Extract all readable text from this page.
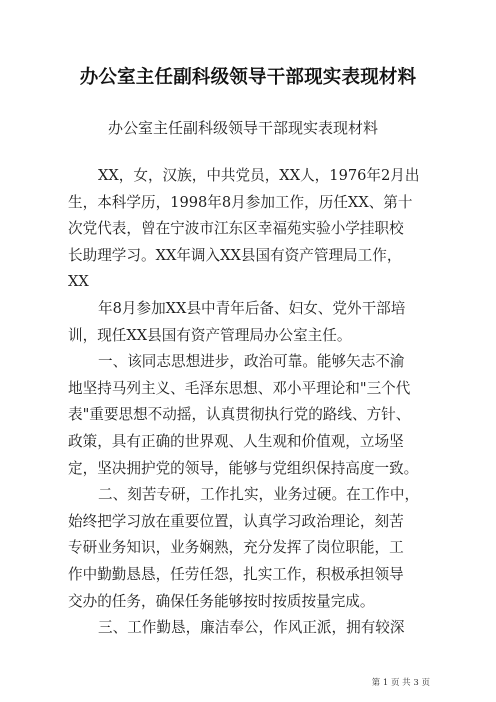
办公室主任副科级领导干部现实表现材料

办公室主任副科级领导干部现实表现材料

XX，女，汉族，中共党员，XX人，1976年2月出
生，本科学历，1998年8月参加工作，历任XX、第十
次党代表，曾在宁波市江东区幸福苑实验小学挂职校
长助理学习。XX年调入XX县国有资产管理局工作，
XX
年8月参加XX县中青年后备、妇女、党外干部培
训，现任XX县国有资产管理局办公室主任。
一、该同志思想进步，政治可靠。能够矢志不渝
地坚持马列主义、毛泽东思想、邓小平理论和"三个代
表"重要思想不动摇，认真贯彻执行党的路线、方针、
政策，具有正确的世界观、人生观和价值观，立场坚
定，坚决拥护党的领导，能够与党组织保持高度一致。
二、刻苦专研，工作扎实，业务过硬。在工作中，
始终把学习放在重要位置，认真学习政治理论，刻苦
专研业务知识，业务娴熟，充分发挥了岗位职能，工
作中勤勤恳恳，任劳任怨，扎实工作，积极承担领导
交办的任务，确保任务能够按时按质按量完成。
三、工作勤恳，廉洁奉公，作风正派，拥有较深
第 1 页 共 3 页
